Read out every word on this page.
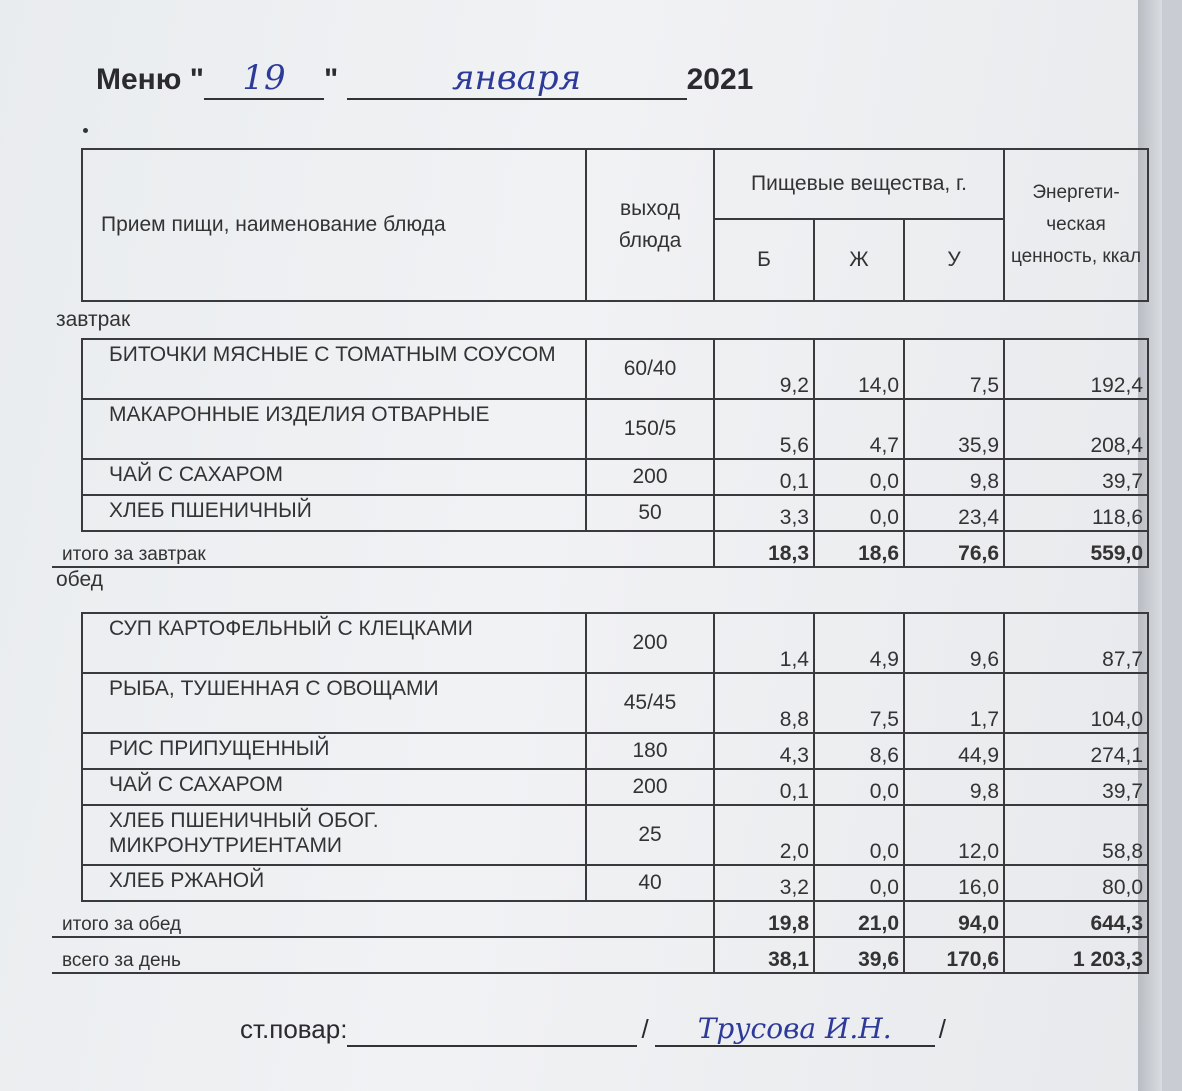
Меню " 19 "	января	2021
	Прием пищи, наименование блюда	выход блюда	Пищевые вещества, г.			Энергети-ческая ценность, ккал
			Б	Ж	У	
завтрак						
	БИТОЧКИ МЯСНЫЕ С ТОМАТНЫМ СОУСОМ	60/40	9,2	14,0	7,5	192,4
	МАКАРОННЫЕ ИЗДЕЛИЯ ОТВАРНЫЕ	150/5	5,6	4,7	35,9	208,4
	ЧАЙ С САХАРОМ	200	0,1	0,0	9,8	39,7
	ХЛЕБ ПШЕНИЧНЫЙ	50	3,3	0,0	23,4	118,6
итого за завтрак			18,3	18,6	76,6	559,0
обед						
	СУП КАРТОФЕЛЬНЫЙ С КЛЕЦКАМИ	200	1,4	4,9	9,6	87,7
	РЫБА, ТУШЕННАЯ С ОВОЩАМИ	45/45	8,8	7,5	1,7	104,0
	РИС ПРИПУЩЕННЫЙ	180	4,3	8,6	44,9	274,1
	ЧАЙ С САХАРОМ	200	0,1	0,0	9,8	39,7
	ХЛЕБ ПШЕНИЧНЫЙ ОБОГ. МИКРОНУТРИЕНТАМИ	25	2,0	0,0	12,0	58,8
	ХЛЕБ РЖАНОЙ	40	3,2	0,0	16,0	80,0
итого за обед			19,8	21,0	94,0	644,3
всего за день			38,1	39,6	170,6	1 203,3
ст.повар:	/ Трусова И.Н. /
